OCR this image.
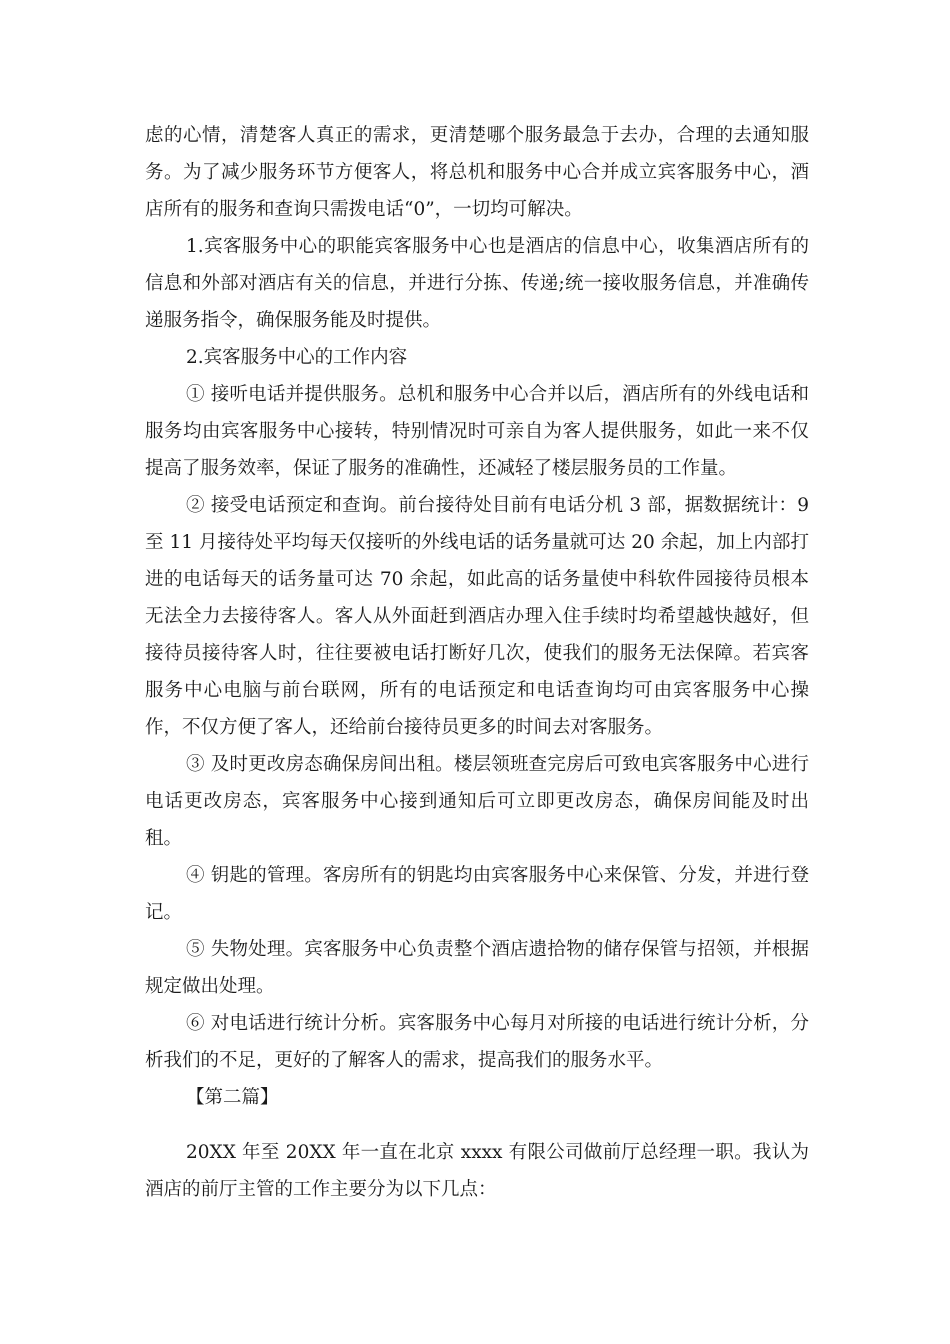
虑的心情，清楚客人真正的需求，更清楚哪个服务最急于去办，合理的去通知服务。为了减少服务环节方便客人，将总机和服务中心合并成立宾客服务中心，酒店所有的服务和查询只需拨电话“0”，一切均可解决。

1.宾客服务中心的职能宾客服务中心也是酒店的信息中心，收集酒店所有的信息和外部对酒店有关的信息，并进行分拣、传递;统一接收服务信息，并准确传递服务指令，确保服务能及时提供。

2.宾客服务中心的工作内容

① 接听电话并提供服务。总机和服务中心合并以后，酒店所有的外线电话和服务均由宾客服务中心接转，特别情况时可亲自为客人提供服务，如此一来不仅提高了服务效率，保证了服务的准确性，还减轻了楼层服务员的工作量。

② 接受电话预定和查询。前台接待处目前有电话分机 3 部，据数据统计：9 至 11 月接待处平均每天仅接听的外线电话的话务量就可达 20 余起，加上内部打进的电话每天的话务量可达 70 余起，如此高的话务量使中科软件园接待员根本无法全力去接待客人。客人从外面赶到酒店办理入住手续时均希望越快越好，但接待员接待客人时，往往要被电话打断好几次，使我们的服务无法保障。若宾客服务中心电脑与前台联网，所有的电话预定和电话查询均可由宾客服务中心操作，不仅方便了客人，还给前台接待员更多的时间去对客服务。

③ 及时更改房态确保房间出租。楼层领班查完房后可致电宾客服务中心进行电话更改房态，宾客服务中心接到通知后可立即更改房态，确保房间能及时出租。

④ 钥匙的管理。客房所有的钥匙均由宾客服务中心来保管、分发，并进行登记。

⑤ 失物处理。宾客服务中心负责整个酒店遗拾物的储存保管与招领，并根据规定做出处理。

⑥ 对电话进行统计分析。宾客服务中心每月对所接的电话进行统计分析，分析我们的不足，更好的了解客人的需求，提高我们的服务水平。

【第二篇】

20XX 年至 20XX 年一直在北京 xxxx 有限公司做前厅总经理一职。我认为酒店的前厅主管的工作主要分为以下几点：
